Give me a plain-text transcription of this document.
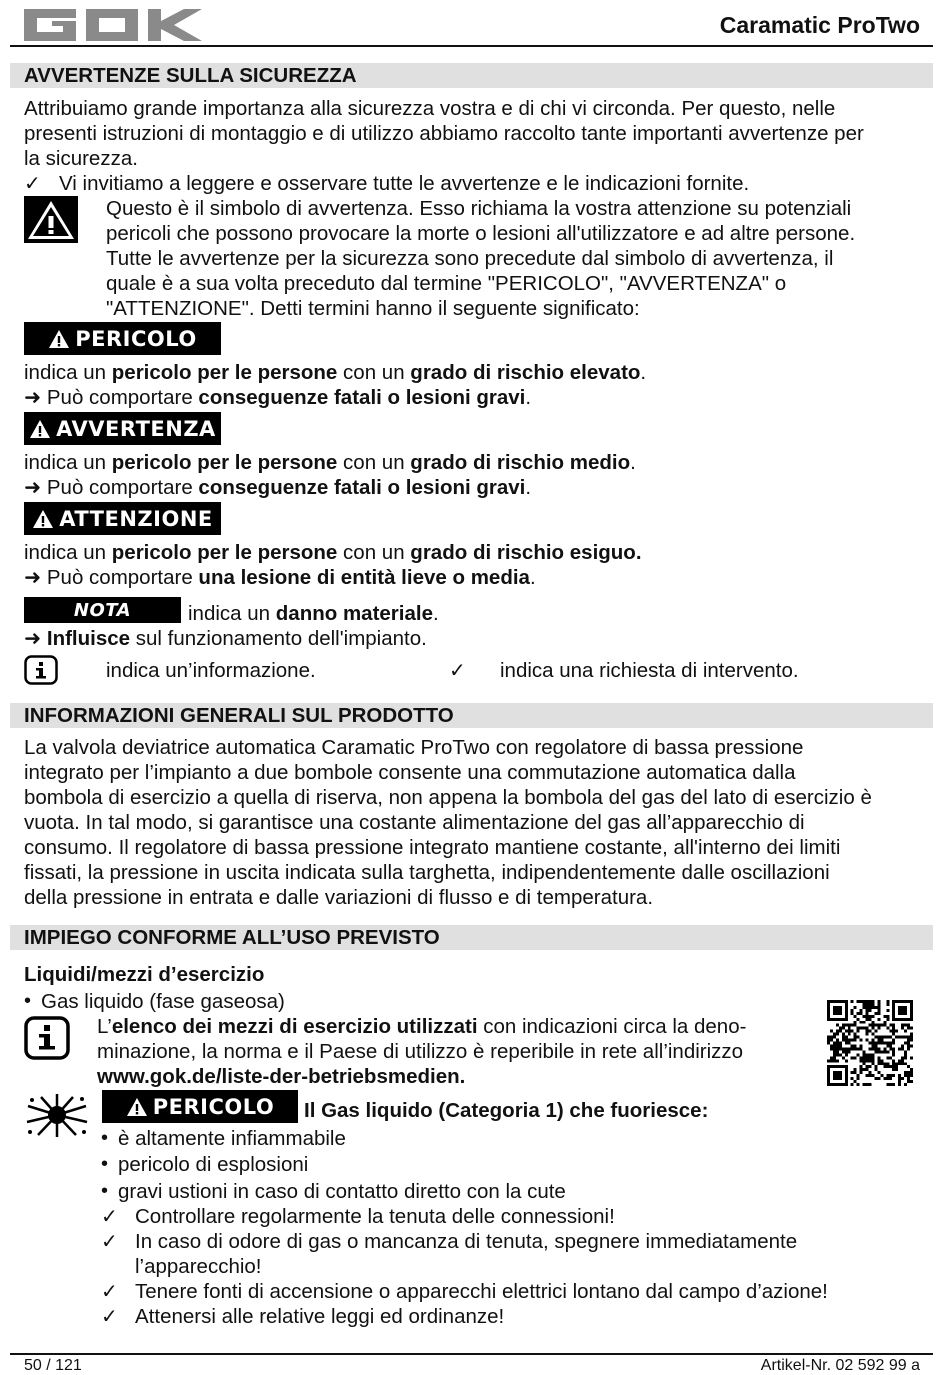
Caramatic ProTwo
AVVERTENZE SULLA SICUREZZA
Attribuiamo grande importanza alla sicurezza vostra e di chi vi circonda. Per questo, nelle
presenti istruzioni di montaggio e di utilizzo abbiamo raccolto tante importanti avvertenze per
la sicurezza.
✓ Vi invitiamo a leggere e osservare tutte le avvertenze e le indicazioni fornite.
Questo è il simbolo di avvertenza. Esso richiama la vostra attenzione su potenziali
pericoli che possono provocare la morte o lesioni all'utilizzatore e ad altre persone.
Tutte le avvertenze per la sicurezza sono precedute dal simbolo di avvertenza, il
quale è a sua volta preceduto dal termine "PERICOLO", "AVVERTENZA" o
"ATTENZIONE". Detti termini hanno il seguente significato:
PERICOLO
indica un pericolo per le persone con un grado di rischio elevato.
➜ Può comportare conseguenze fatali o lesioni gravi.
AVVERTENZA
indica un pericolo per le persone con un grado di rischio medio.
➜ Può comportare conseguenze fatali o lesioni gravi.
ATTENZIONE
indica un pericolo per le persone con un grado di rischio esiguo.
➜ Può comportare una lesione di entità lieve o media.
NOTA	indica un danno materiale.
➜ Influisce sul funzionamento dell'impianto.
indica un’informazione.	✓ indica una richiesta di intervento.
INFORMAZIONI GENERALI SUL PRODOTTO
La valvola deviatrice automatica Caramatic ProTwo con regolatore di bassa pressione
integrato per l’impianto a due bombole consente una commutazione automatica dalla
bombola di esercizio a quella di riserva, non appena la bombola del gas del lato di esercizio è
vuota. In tal modo, si garantisce una costante alimentazione del gas all’apparecchio di
consumo. Il regolatore di bassa pressione integrato mantiene costante, all'interno dei limiti
fissati, la pressione in uscita indicata sulla targhetta, indipendentemente dalle oscillazioni
della pressione in entrata e dalle variazioni di flusso e di temperatura.
IMPIEGO CONFORME ALL’USO PREVISTO
Liquidi/mezzi d’esercizio
• Gas liquido (fase gaseosa)
L’elenco dei mezzi di esercizio utilizzati con indicazioni circa la deno-
minazione, la norma e il Paese di utilizzo è reperibile in rete all’indirizzo
www.gok.de/liste-der-betriebsmedien.
PERICOLO Il Gas liquido (Categoria 1) che fuoriesce:
• è altamente infiammabile
• pericolo di esplosioni
• gravi ustioni in caso di contatto diretto con la cute
✓ Controllare regolarmente la tenuta delle connessioni!
✓ In caso di odore di gas o mancanza di tenuta, spegnere immediatamente
l’apparecchio!
✓ Tenere fonti di accensione o apparecchi elettrici lontano dal campo d’azione!
✓ Attenersi alle relative leggi ed ordinanze!
50 / 121	Artikel-Nr. 02 592 99 a
